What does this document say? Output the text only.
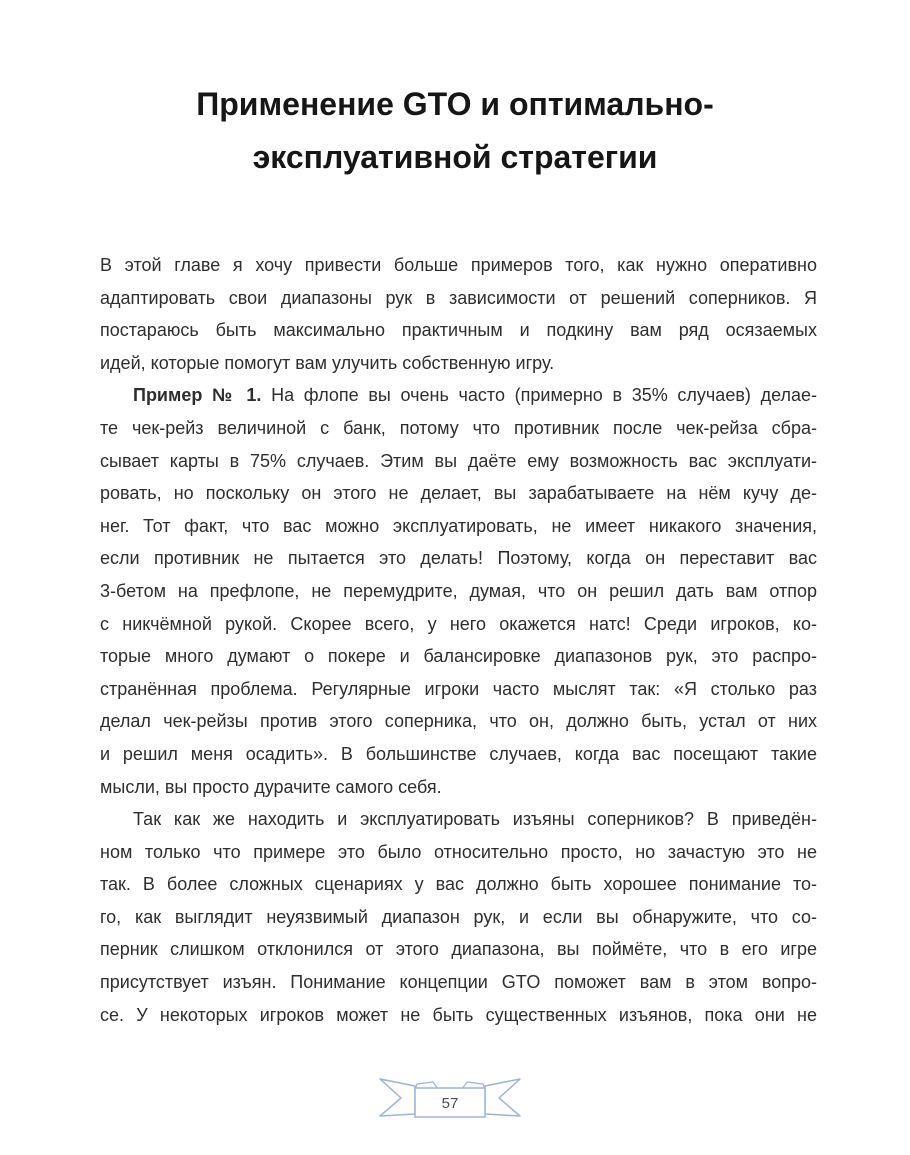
Применение GTO и оптимально-
эксплуативной стратегии
В этой главе я хочу привести больше примеров того, как нужно оперативно
адаптировать свои диапазоны рук в зависимости от решений соперников. Я
постараюсь быть максимально практичным и подкину вам ряд осязаемых
идей, которые помогут вам улучить собственную игру.
Пример № 1. На флопе вы очень часто (примерно в 35% случаев) делае-
те чек-рейз величиной с банк, потому что противник после чек-рейза сбра-
сывает карты в 75% случаев. Этим вы даёте ему возможность вас эксплуати-
ровать, но поскольку он этого не делает, вы зарабатываете на нём кучу де-
нег. Тот факт, что вас можно эксплуатировать, не имеет никакого значения,
если противник не пытается это делать! Поэтому, когда он переставит вас
3-бетом на префлопе, не перемудрите, думая, что он решил дать вам отпор
с никчёмной рукой. Скорее всего, у него окажется натс! Среди игроков, ко-
торые много думают о покере и балансировке диапазонов рук, это распро-
странённая проблема. Регулярные игроки часто мыслят так: «Я столько раз
делал чек-рейзы против этого соперника, что он, должно быть, устал от них
и решил меня осадить». В большинстве случаев, когда вас посещают такие
мысли, вы просто дурачите самого себя.
Так как же находить и эксплуатировать изъяны соперников? В приведён-
ном только что примере это было относительно просто, но зачастую это не
так. В более сложных сценариях у вас должно быть хорошее понимание то-
го, как выглядит неуязвимый диапазон рук, и если вы обнаружите, что со-
перник слишком отклонился от этого диапазона, вы поймёте, что в его игре
присутствует изъян. Понимание концепции GTO поможет вам в этом вопро-
се. У некоторых игроков может не быть существенных изъянов, пока они не
57
